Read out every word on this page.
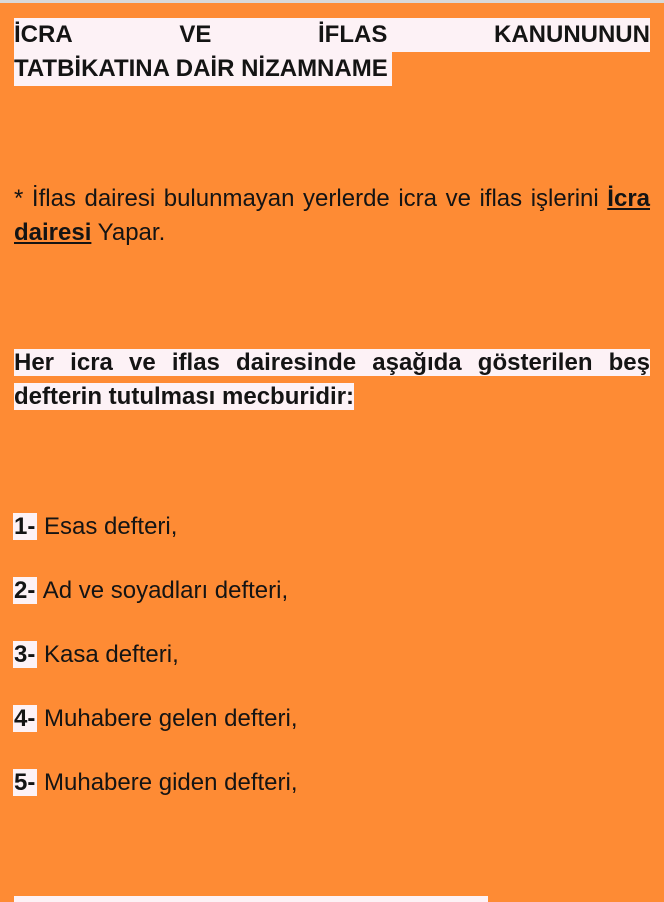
İCRA	VE	İFLAS	KANUNUNUN
TATBİKATINA DAİR NİZAMNAME

* İflas dairesi bulunmayan yerlerde icra ve iflas işlerini İcra dairesi Yapar.

Her icra ve iflas dairesinde aşağıda gösterilen beş defterin tutulması mecburidir:

1- Esas defteri,
2- Ad ve soyadları defteri,
3- Kasa defteri,
4- Muhabere gelen defteri,
5- Muhabere giden defteri,
